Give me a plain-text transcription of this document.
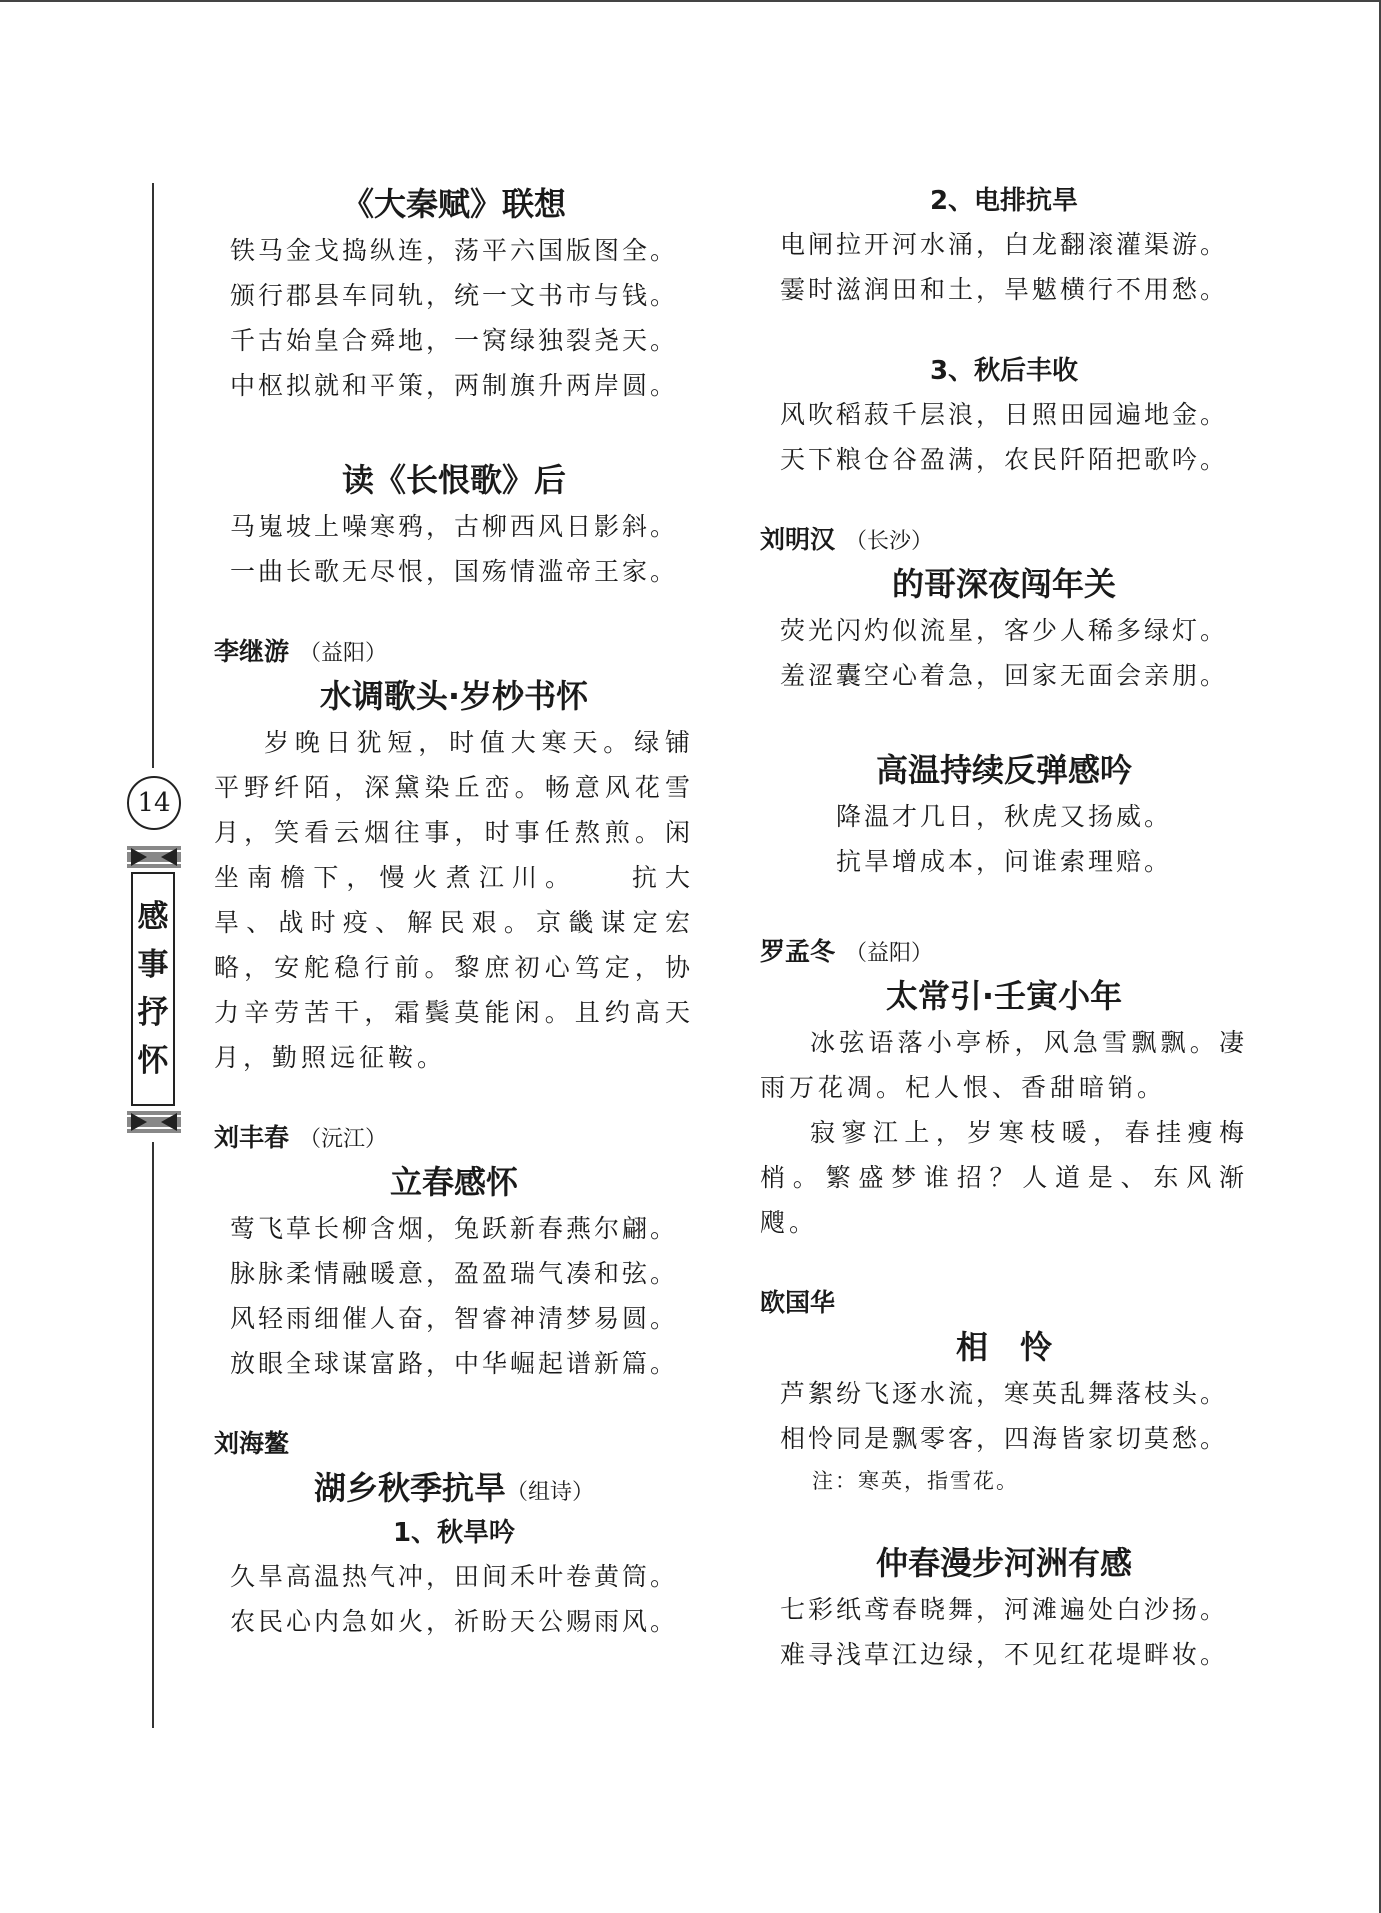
14
感
事
抒
怀
《大秦赋》联想
铁马金戈捣纵连，荡平六国版图全。
颁行郡县车同轨，统一文书市与钱。
千古始皇合舜地，一窝绿独裂尧天。
中枢拟就和平策，两制旗升两岸圆。
读《长恨歌》后
马嵬坡上噪寒鸦，古柳西风日影斜。
一曲长歌无尽恨，国殇情滥帝王家。
李继游 （益阳）
水调歌头·岁杪书怀

岁晚日犹短，时值大寒天。绿铺平野纤陌，深黛染丘峦。畅意风花雪月，笑看云烟往事，时事任熬煎。闲坐南檐下，慢火煮江川。　　抗大旱、战时疫、解民艰。京畿谋定宏略，安舵稳行前。黎庶初心笃定，协力辛劳苦干，霜鬓莫能闲。且约高天月，勤照远征鞍。

刘丰春 （沅江）
立春感怀
莺飞草长柳含烟，兔跃新春燕尔翩。
脉脉柔情融暖意，盈盈瑞气凑和弦。
风轻雨细催人奋，智睿神清梦易圆。
放眼全球谋富路，中华崛起谱新篇。
刘海鳌
湖乡秋季抗旱（组诗）
1、秋旱吟
久旱高温热气冲，田间禾叶卷黄筒。
农民心内急如火，祈盼天公赐雨风。
2、电排抗旱
电闸拉开河水涌，白龙翻滚灌渠游。
霎时滋润田和土，旱魃横行不用愁。
3、秋后丰收
风吹稻菽千层浪，日照田园遍地金。
天下粮仓谷盈满，农民阡陌把歌吟。
刘明汉 （长沙）
的哥深夜闯年关
荧光闪灼似流星，客少人稀多绿灯。
羞涩囊空心着急，回家无面会亲朋。
高温持续反弹感吟
降温才几日，秋虎又扬威。
抗旱增成本，问谁索理赔。
罗孟冬 （益阳）
太常引·壬寅小年

冰弦语落小亭桥，风急雪飘飘。凄雨万花凋。杞人恨、香甜暗销。

寂寥江上，岁寒枝暖，春挂瘦梅梢。繁盛梦谁招？人道是、东风渐飕。

欧国华
相　怜
芦絮纷飞逐水流，寒英乱舞落枝头。
相怜同是飘零客，四海皆家切莫愁。
注：寒英，指雪花。
仲春漫步河洲有感
七彩纸鸢春晓舞，河滩遍处白沙扬。
难寻浅草江边绿，不见红花堤畔妆。
